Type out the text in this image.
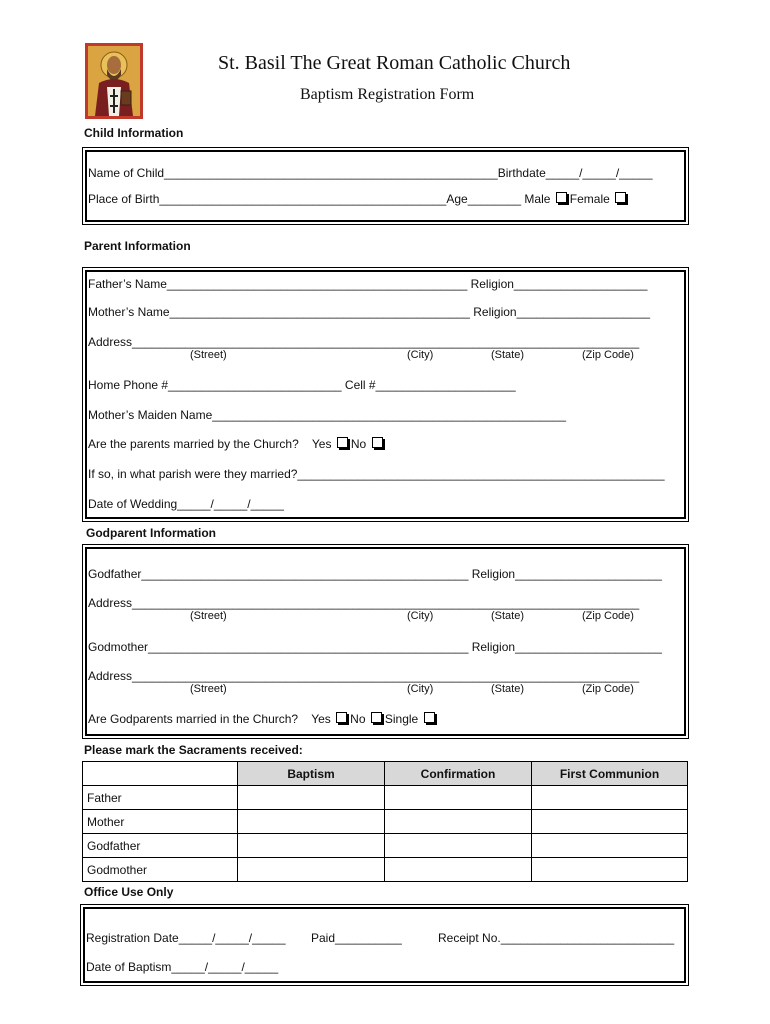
St. Basil The Great Roman Catholic Church
Baptism Registration Form
Child Information
Name of Child__________________________________________________Birthdate_____/_____/_____
Place of Birth___________________________________________Age________ Male Female
Parent Information
Father’s Name_____________________________________________ Religion____________________
Mother’s Name_____________________________________________ Religion____________________
Address____________________________________________________________________________
(Street)	(City)	(State)	(Zip Code)
Home Phone #__________________________ Cell #_____________________
Mother’s Maiden Name_____________________________________________________
Are the parents married by the Church?    Yes No
If so, in what parish were they married?_______________________________________________________
Date of Wedding_____/_____/_____
Godparent Information
Godfather_________________________________________________ Religion______________________
Address____________________________________________________________________________
(Street)	(City)	(State)	(Zip Code)
Godmother________________________________________________ Religion______________________
Address____________________________________________________________________________
(Street)	(City)	(State)	(Zip Code)
Are Godparents married in the Church?    Yes No Single
Please mark the Sacraments received:
	Baptism	Confirmation	First Communion
Father			
Mother			
Godfather			
Godmother			
Office Use Only
Registration Date_____/_____/_____ Paid__________	Receipt No.__________________________
Date of Baptism_____/_____/_____
